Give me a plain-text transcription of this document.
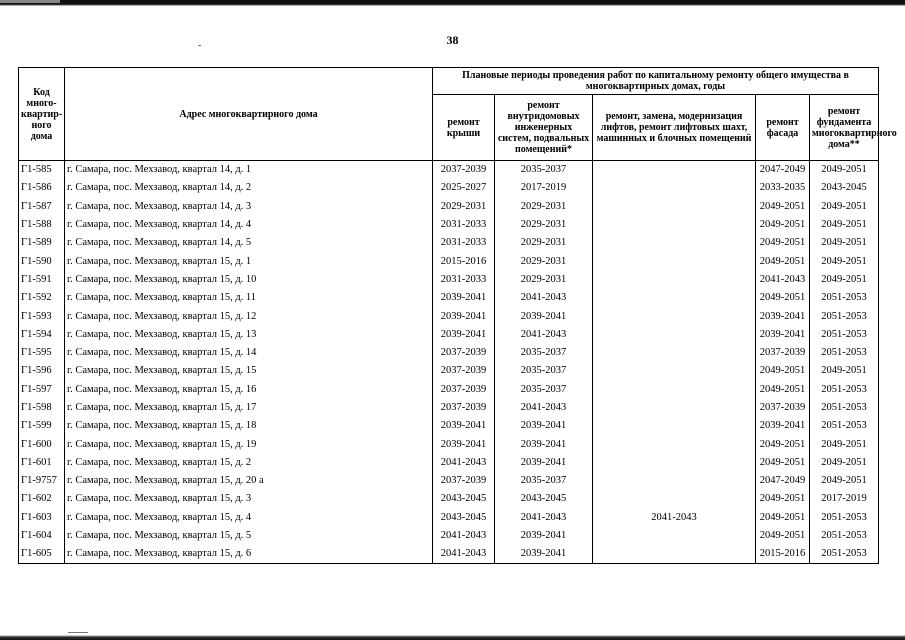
38
Код много-квартир-ного дома	Адрес многоквартирного дома	Плановые периоды проведения работ по капитальному ремонту общего имущества в многоквартирных домах, годы				
		ремонт крыши	ремонт внутридомовых инженерных систем, подвальных помещений*	ремонт, замена, модернизация лифтов, ремонт лифтовых шахт, машинных и блочных помещений	ремонт фасада	ремонт фундамента многоквартирного дома**
Г1-585	г. Самара, пос. Мехзавод, квартал 14, д. 1	2037-2039	2035-2037		2047-2049	2049-2051
Г1-586	г. Самара, пос. Мехзавод, квартал 14, д. 2	2025-2027	2017-2019		2033-2035	2043-2045
Г1-587	г. Самара, пос. Мехзавод, квартал 14, д. 3	2029-2031	2029-2031		2049-2051	2049-2051
Г1-588	г. Самара, пос. Мехзавод, квартал 14, д. 4	2031-2033	2029-2031		2049-2051	2049-2051
Г1-589	г. Самара, пос. Мехзавод, квартал 14, д. 5	2031-2033	2029-2031		2049-2051	2049-2051
Г1-590	г. Самара, пос. Мехзавод, квартал 15, д. 1	2015-2016	2029-2031		2049-2051	2049-2051
Г1-591	г. Самара, пос. Мехзавод, квартал 15, д. 10	2031-2033	2029-2031		2041-2043	2049-2051
Г1-592	г. Самара, пос. Мехзавод, квартал 15, д. 11	2039-2041	2041-2043		2049-2051	2051-2053
Г1-593	г. Самара, пос. Мехзавод, квартал 15, д. 12	2039-2041	2039-2041		2039-2041	2051-2053
Г1-594	г. Самара, пос. Мехзавод, квартал 15, д. 13	2039-2041	2041-2043		2039-2041	2051-2053
Г1-595	г. Самара, пос. Мехзавод, квартал 15, д. 14	2037-2039	2035-2037		2037-2039	2051-2053
Г1-596	г. Самара, пос. Мехзавод, квартал 15, д. 15	2037-2039	2035-2037		2049-2051	2049-2051
Г1-597	г. Самара, пос. Мехзавод, квартал 15, д. 16	2037-2039	2035-2037		2049-2051	2051-2053
Г1-598	г. Самара, пос. Мехзавод, квартал 15, д. 17	2037-2039	2041-2043		2037-2039	2051-2053
Г1-599	г. Самара, пос. Мехзавод, квартал 15, д. 18	2039-2041	2039-2041		2039-2041	2051-2053
Г1-600	г. Самара, пос. Мехзавод, квартал 15, д. 19	2039-2041	2039-2041		2049-2051	2049-2051
Г1-601	г. Самара, пос. Мехзавод, квартал 15, д. 2	2041-2043	2039-2041		2049-2051	2049-2051
Г1-9757	г. Самара, пос. Мехзавод, квартал 15, д. 20 а	2037-2039	2035-2037		2047-2049	2049-2051
Г1-602	г. Самара, пос. Мехзавод, квартал 15, д. 3	2043-2045	2043-2045		2049-2051	2017-2019
Г1-603	г. Самара, пос. Мехзавод, квартал 15, д. 4	2043-2045	2041-2043	2041-2043	2049-2051	2051-2053
Г1-604	г. Самара, пос. Мехзавод, квартал 15, д. 5	2041-2043	2039-2041		2049-2051	2051-2053
Г1-605	г. Самара, пос. Мехзавод, квартал 15, д. 6	2041-2043	2039-2041		2015-2016	2051-2053
